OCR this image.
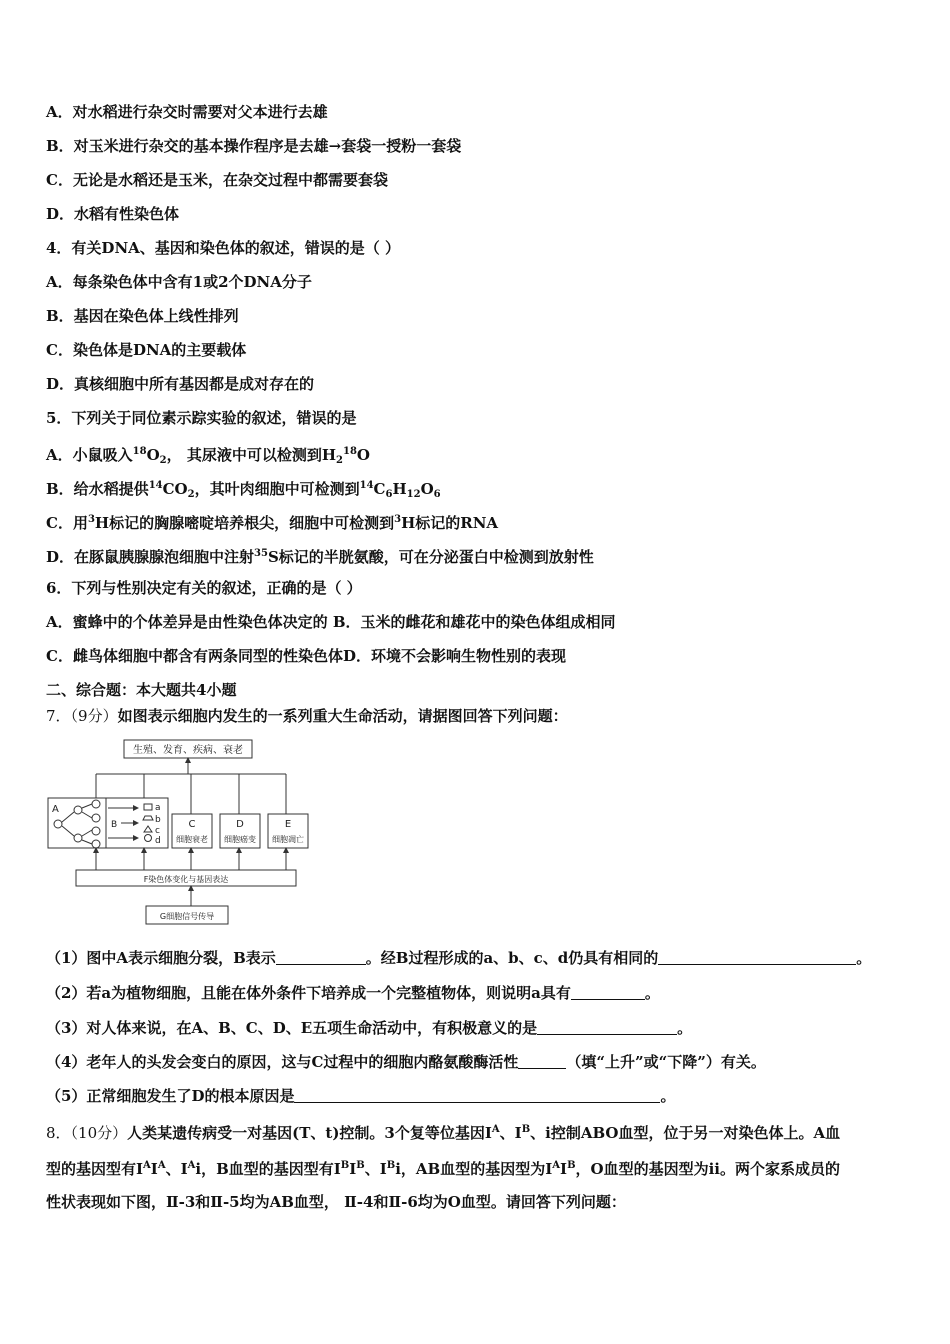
A．对水稻进行杂交时需要对父本进行去雄
B．对玉米进行杂交的基本操作程序是去雄→套袋一授粉一套袋
C．无论是水稻还是玉米，在杂交过程中都需要套袋
D．水稻有性染色体
4．有关DNA、基因和染色体的叙述，错误的是（ ）
A．每条染色体中含有1或2个DNA分子
B．基因在染色体上线性排列
C．染色体是DNA的主要载体
D．真核细胞中所有基因都是成对存在的
5．下列关于同位素示踪实验的叙述，错误的是
A．小鼠吸入$^{18}O_2$， 其尿液中可以检测到$H_2^{18}O$
B．给水稻提供$^{14}CO_2$，其叶肉细胞中可检测到$^{14}C_6H_{12}O_6$
C．用$^3$H标记的胸腺嘧啶培养根尖，细胞中可检测到$^3$H标记的RNA
D．在豚鼠胰腺腺泡细胞中注射$^{35}$S标记的半胱氨酸，可在分泌蛋白中检测到放射性
6．下列与性别决定有关的叙述，正确的是（ ）
A．蜜蜂中的个体差异是由性染色体决定的 B．玉米的雌花和雄花中的染色体组成相同
C．雌鸟体细胞中都含有两条同型的性染色体D．环境不会影响生物性别的表现
二、综合题：本大题共4小题
7．（9分）如图表示细胞内发生的一系列重大生命活动，请据图回答下列问题：
生殖、发育、疾病、衰老
A
B
a
b
c
d
C
细胞衰老
D
细胞癌变
E
细胞凋亡
F染色体变化与基因表达
G细胞信号传导
（1）图中A表示细胞分裂，B表示	。经B过程形成的a、b、c、d仍具有相同的	。
（2）若a为植物细胞，且能在体外条件下培养成一个完整植物体，则说明a具有	。
（3）对人体来说，在A、B、C、D、E五项生命活动中，有积极意义的是	。
（4）老年人的头发会变白的原因，这与C过程中的细胞内酪氨酸酶活性	（填“上升”或“下降”）有关。
（5）正常细胞发生了D的根本原因是	。
8．（10分）人类某遗传病受一对基因(T、t)控制。3个复等位基因$I^A$、$I^B$、i控制ABO血型，位于另一对染色体上。A血
型的基因型有$I^AI^A$、$I^Ai$，B血型的基因型有$I^BI^B$、$I^Bi$，AB血型的基因型为$I^AI^B$，O血型的基因型为ii。两个家系成员的
性状表现如下图，Ⅱ-3和Ⅱ-5均为AB血型， Ⅱ-4和Ⅱ-6均为O血型。请回答下列问题：
